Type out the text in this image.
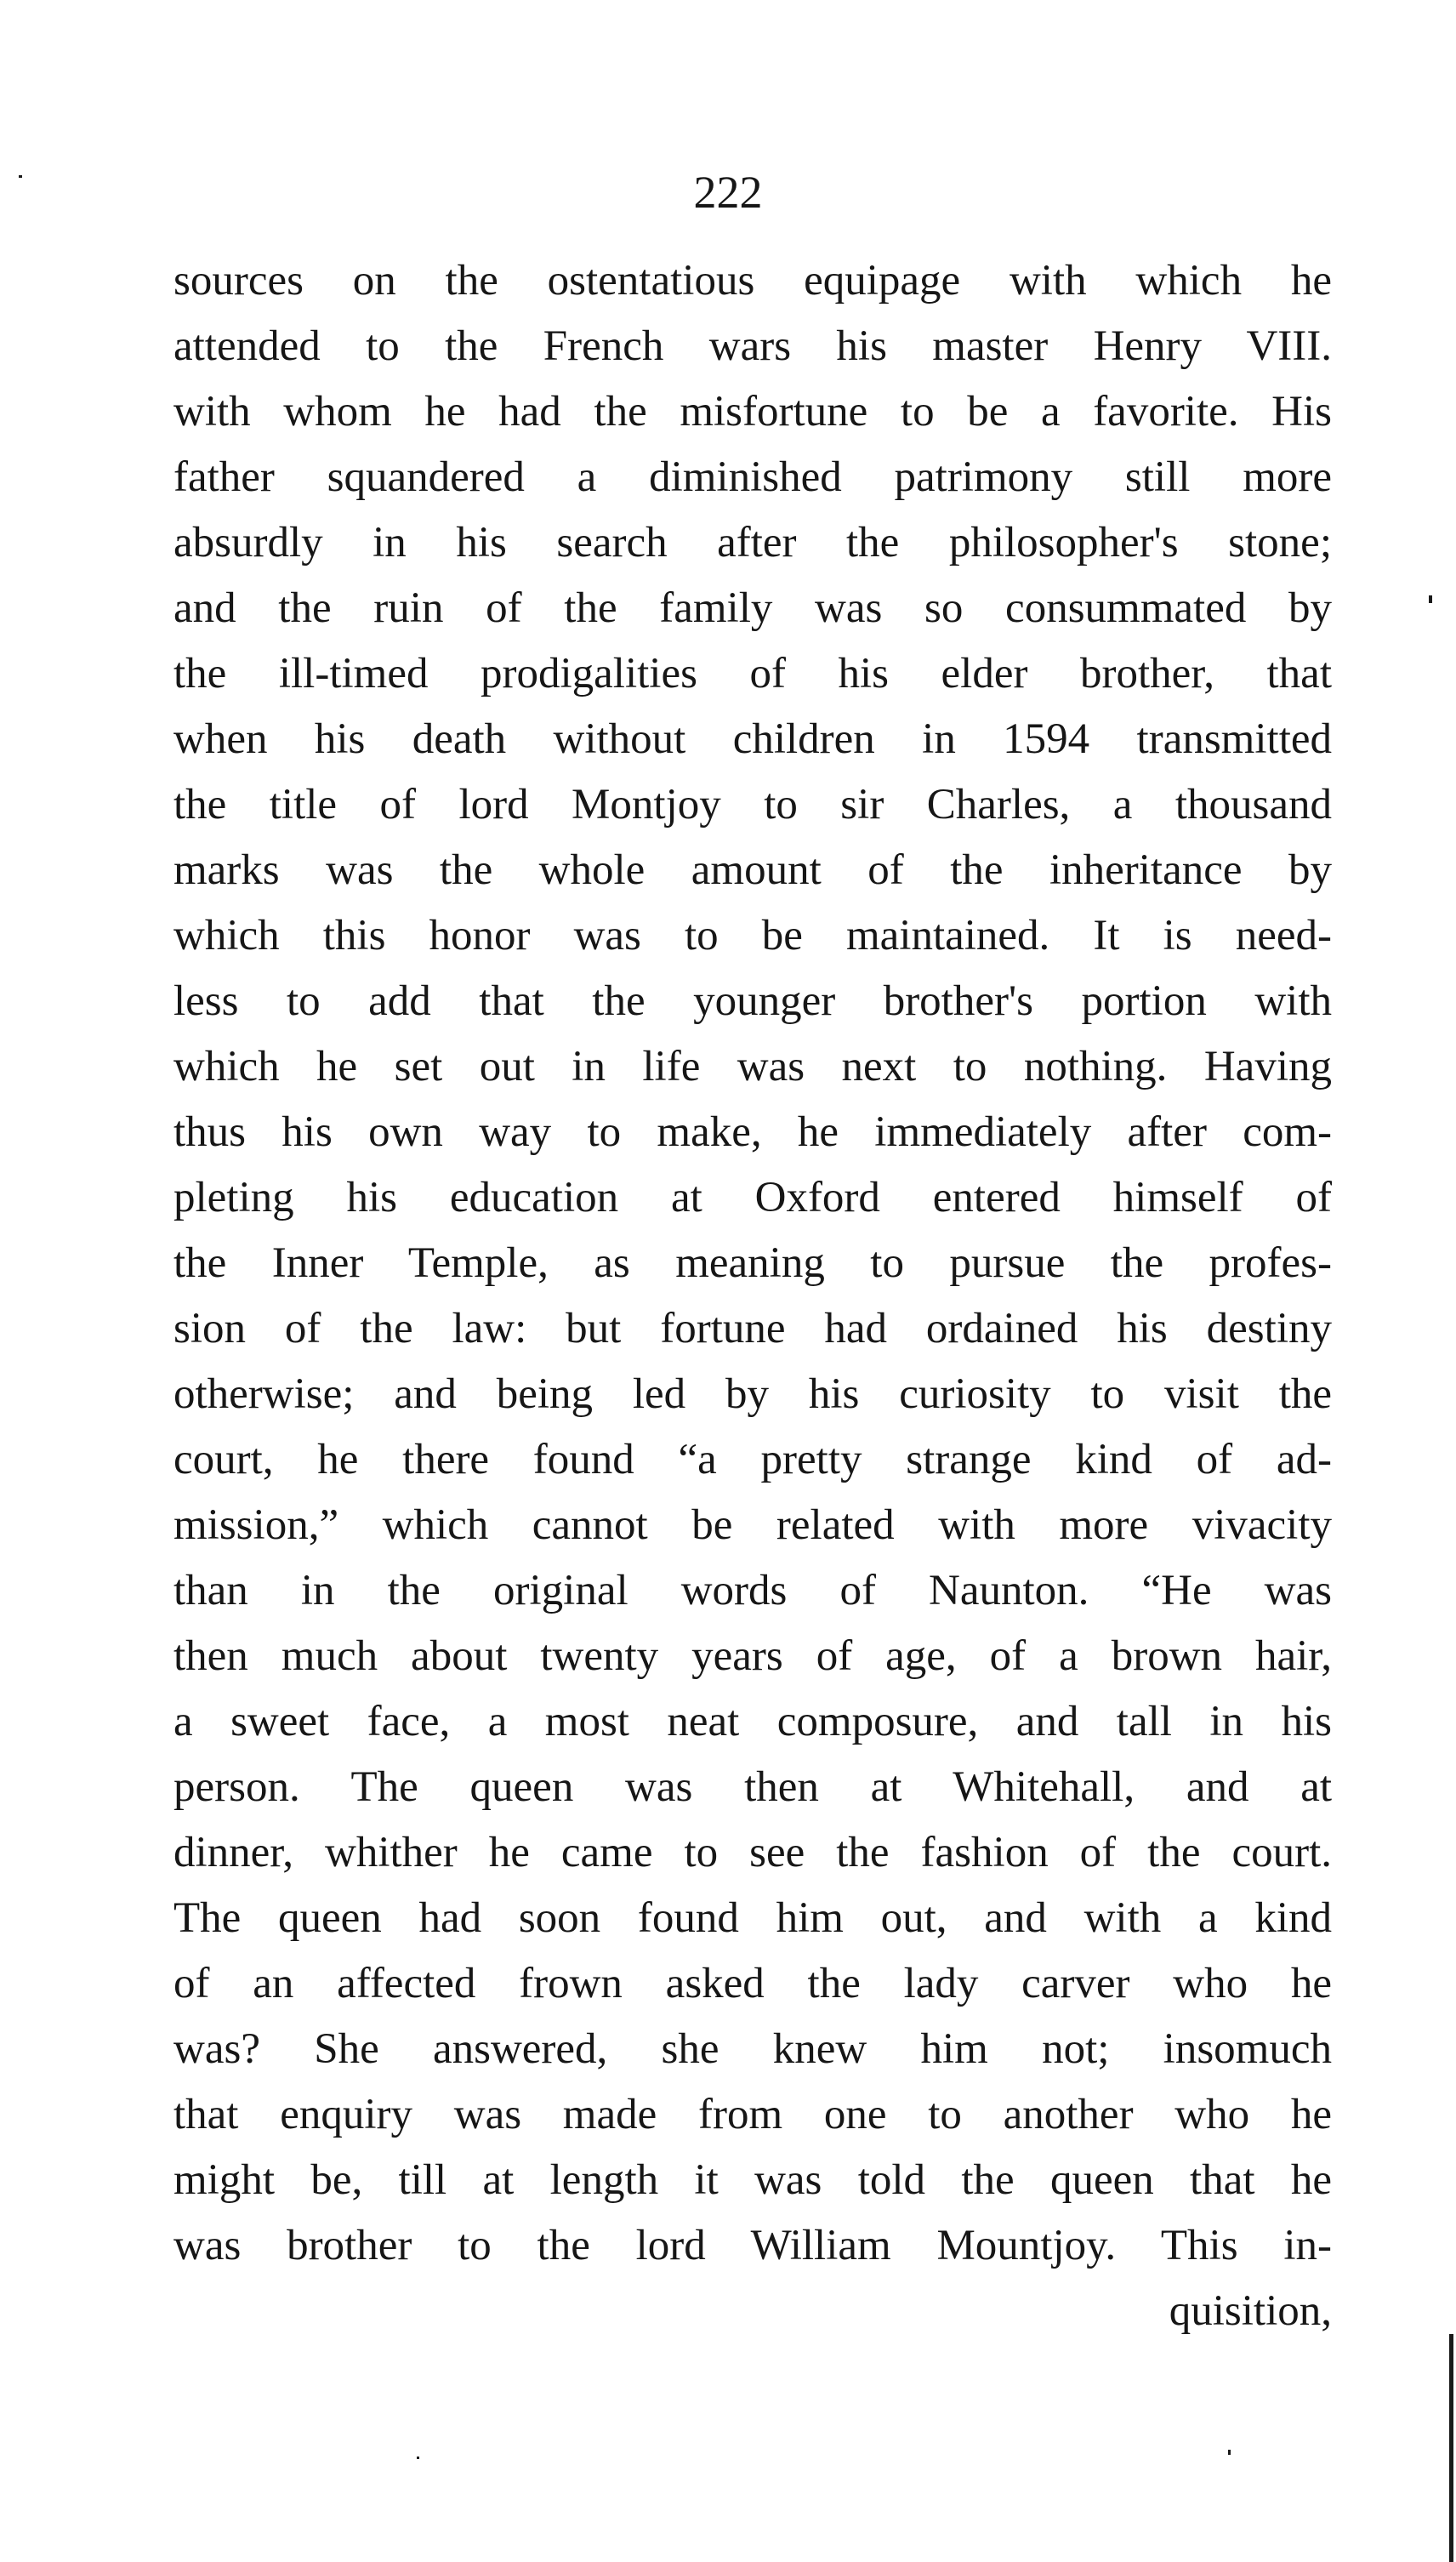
222
sources on the ostentatious equipage with which he
attended to the French wars his master Henry VIII.
with whom he had the misfortune to be a favorite. His
father squandered a diminished patrimony still more
absurdly in his search after the philosopher's stone;
and the ruin of the family was so consummated by
the ill-timed prodigalities of his elder brother, that
when his death without children in 1594 transmitted
the title of lord Montjoy to sir Charles, a thousand
marks was the whole amount of the inheritance by
which this honor was to be maintained. It is need-
less to add that the younger brother's portion with
which he set out in life was next to nothing. Having
thus his own way to make, he immediately after com-
pleting his education at Oxford entered himself of
the Inner Temple, as meaning to pursue the profes-
sion of the law: but fortune had ordained his destiny
otherwise; and being led by his curiosity to visit the
court, he there found “a pretty strange kind of ad-
mission,” which cannot be related with more vivacity
than in the original words of Naunton. “He was
then much about twenty years of age, of a brown hair,
a sweet face, a most neat composure, and tall in his
person. The queen was then at Whitehall, and at
dinner, whither he came to see the fashion of the court.
The queen had soon found him out, and with a kind
of an affected frown asked the lady carver who he
was? She answered, she knew him not; insomuch
that enquiry was made from one to another who he
might be, till at length it was told the queen that he
was brother to the lord William Mountjoy. This in-
quisition,
